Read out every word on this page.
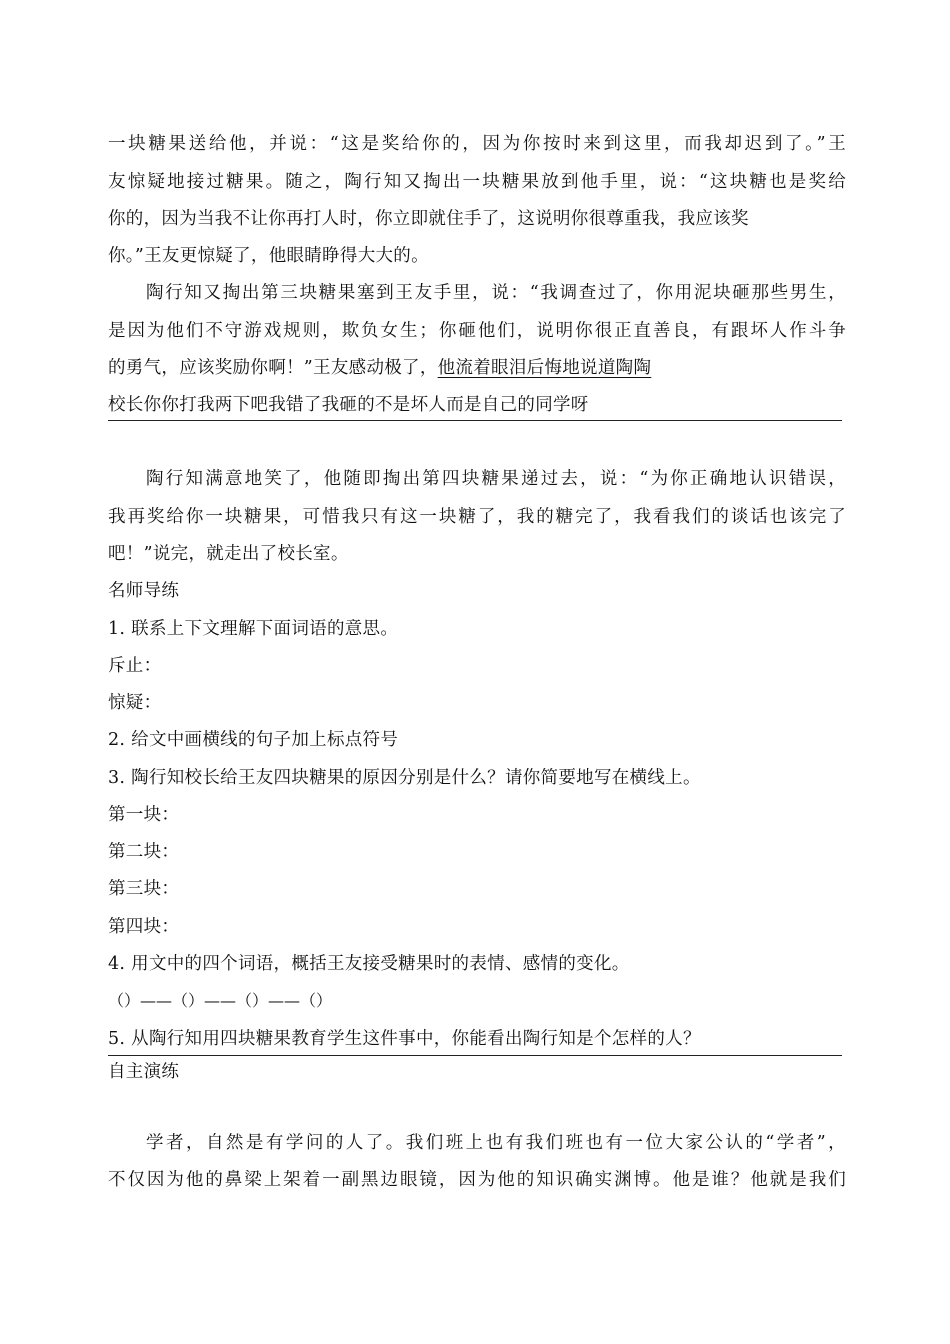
一块糖果送给他，并说：“这是奖给你的，因为你按时来到这里，而我却迟到了。”王
友惊疑地接过糖果。随之，陶行知又掏出一块糖果放到他手里，说：“这块糖也是奖给
你的，因为当我不让你再打人时，你立即就住手了，这说明你很尊重我，我应该奖
你。”王友更惊疑了，他眼睛睁得大大的。
陶行知又掏出第三块糖果塞到王友手里，说：“我调查过了，你用泥块砸那些男生，
是因为他们不守游戏规则，欺负女生；你砸他们，说明你很正直善良，有跟坏人作斗争
的勇气，应该奖励你啊！”王友感动极了，他流着眼泪后悔地说道陶陶
校长你你打我两下吧我错了我砸的不是坏人而是自己的同学呀
陶行知满意地笑了，他随即掏出第四块糖果递过去，说：“为你正确地认识错误，
我再奖给你一块糖果，可惜我只有这一块糖了，我的糖完了，我看我们的谈话也该完了
吧！”说完，就走出了校长室。
名师导练
1. 联系上下文理解下面词语的意思。
斥止：
惊疑：
2. 给文中画横线的句子加上标点符号
3. 陶行知校长给王友四块糖果的原因分别是什么？请你简要地写在横线上。
第一块：
第二块：
第三块：
第四块：
4. 用文中的四个词语，概括王友接受糖果时的表情、感情的变化。
（）——（）——（）——（）
5. 从陶行知用四块糖果教育学生这件事中，你能看出陶行知是个怎样的人？
自主演练
学者，自然是有学问的人了。我们班上也有我们班也有一位大家公认的“学者”，
不仅因为他的鼻梁上架着一副黑边眼镜，因为他的知识确实渊博。他是谁？他就是我们
